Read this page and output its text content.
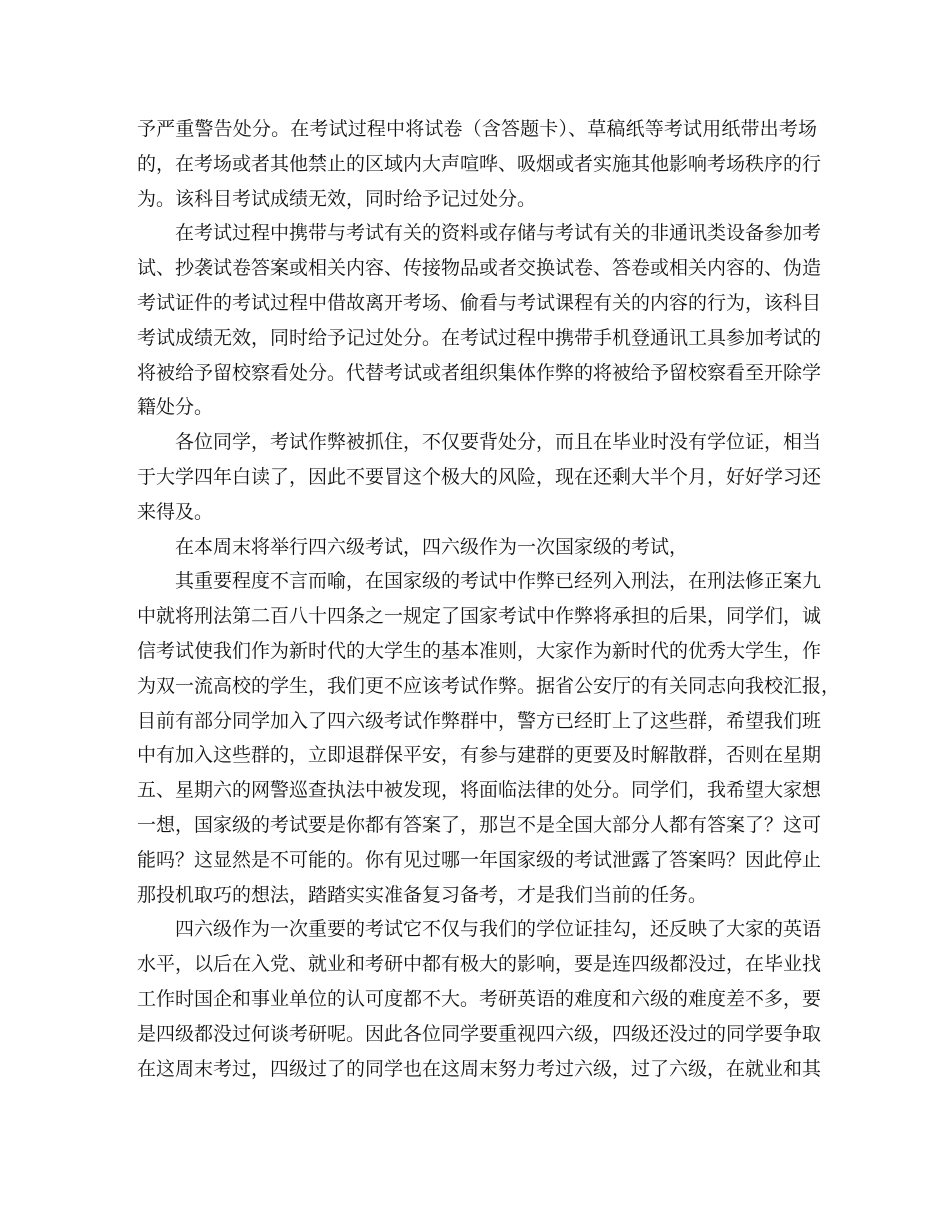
予严重警告处分。在考试过程中将试卷（含答题卡）、草稿纸等考试用纸带出考场
的，在考场或者其他禁止的区域内大声喧哗、吸烟或者实施其他影响考场秩序的行
为。该科目考试成绩无效，同时给予记过处分。
在考试过程中携带与考试有关的资料或存储与考试有关的非通讯类设备参加考
试、抄袭试卷答案或相关内容、传接物品或者交换试卷、答卷或相关内容的、伪造
考试证件的考试过程中借故离开考场、偷看与考试课程有关的内容的行为，该科目
考试成绩无效，同时给予记过处分。在考试过程中携带手机登通讯工具参加考试的
将被给予留校察看处分。代替考试或者组织集体作弊的将被给予留校察看至开除学
籍处分。
各位同学，考试作弊被抓住，不仅要背处分，而且在毕业时没有学位证，相当
于大学四年白读了，因此不要冒这个极大的风险，现在还剩大半个月，好好学习还
来得及。
在本周末将举行四六级考试，四六级作为一次国家级的考试，
其重要程度不言而喻，在国家级的考试中作弊已经列入刑法，在刑法修正案九
中就将刑法第二百八十四条之一规定了国家考试中作弊将承担的后果，同学们，诚
信考试使我们作为新时代的大学生的基本准则，大家作为新时代的优秀大学生，作
为双一流高校的学生，我们更不应该考试作弊。据省公安厅的有关同志向我校汇报，
目前有部分同学加入了四六级考试作弊群中，警方已经盯上了这些群，希望我们班
中有加入这些群的，立即退群保平安，有参与建群的更要及时解散群，否则在星期
五、星期六的网警巡查执法中被发现，将面临法律的处分。同学们，我希望大家想
一想，国家级的考试要是你都有答案了，那岂不是全国大部分人都有答案了？这可
能吗？这显然是不可能的。你有见过哪一年国家级的考试泄露了答案吗？因此停止
那投机取巧的想法，踏踏实实准备复习备考，才是我们当前的任务。
四六级作为一次重要的考试它不仅与我们的学位证挂勾，还反映了大家的英语
水平，以后在入党、就业和考研中都有极大的影响，要是连四级都没过，在毕业找
工作时国企和事业单位的认可度都不大。考研英语的难度和六级的难度差不多，要
是四级都没过何谈考研呢。因此各位同学要重视四六级，四级还没过的同学要争取
在这周末考过，四级过了的同学也在这周末努力考过六级，过了六级，在就业和其
